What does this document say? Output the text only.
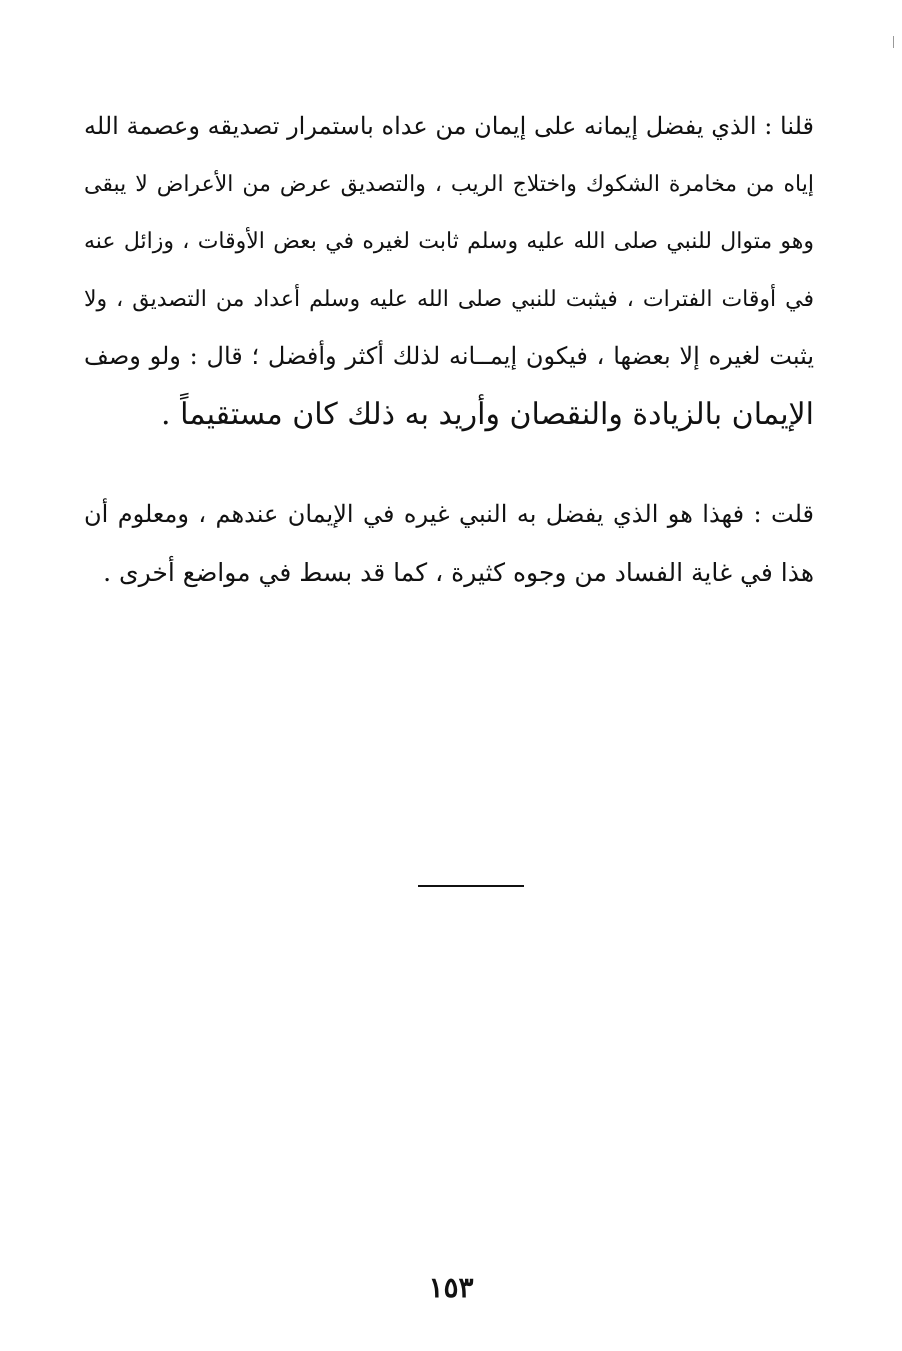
قلنا : الذي يفضل إيمانه على إيمان من عداه باستمرار تصديقه وعصمة الله
إياه من مخامرة الشكوك واختلاج الريب ، والتصديق عرض من الأعراض لا يبقى
وهو متوال للنبي صلى الله عليه وسلم ثابت لغيره في بعض الأوقات ، وزائل عنه
في أوقات الفترات ، فيثبت للنبي صلى الله عليه وسلم أعداد من التصديق ، ولا
يثبت لغيره إلا بعضها ، فيكون إيمــانه لذلك أكثر وأفضل ؛ قال : ولو وصف
الإيمان بالزيادة والنقصان وأريد به ذلك كان مستقيماً .
قلت : فهذا هو الذي يفضل به النبي غيره في الإيمان عندهم ، ومعلوم أن
هذا في غاية الفساد من وجوه كثيرة ، كما قد بسط في مواضع أخرى .
١٥٣
